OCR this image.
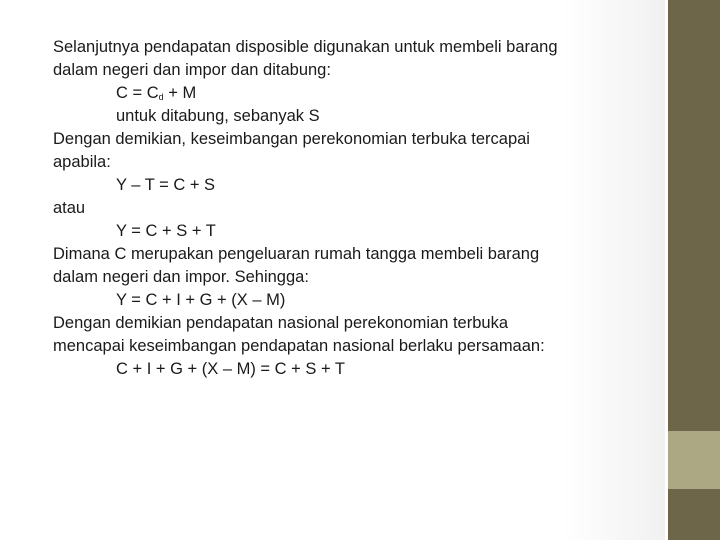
Selanjutnya pendapatan disposible digunakan untuk membeli barang
dalam negeri dan impor dan ditabung:
$C = C_d + M$
untuk ditabung, sebanyak S
Dengan demikian, keseimbangan perekonomian terbuka tercapai
apabila:
Y – T = C + S
atau
Y = C + S + T
Dimana C merupakan pengeluaran rumah tangga membeli barang
dalam negeri dan impor. Sehingga:
Y = C + I + G + (X – M)
Dengan demikian pendapatan nasional perekonomian terbuka
mencapai keseimbangan pendapatan nasional berlaku persamaan:
C + I + G + (X – M) = C + S + T
